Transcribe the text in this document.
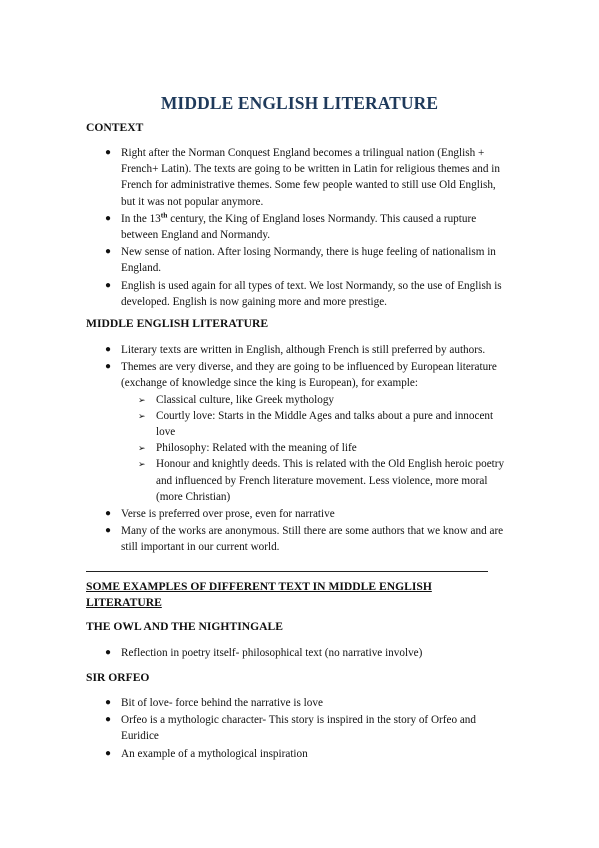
MIDDLE ENGLISH LITERATURE
CONTEXT
● Right after the Norman Conquest England becomes a trilingual nation (English + French+ Latin). The texts are going to be written in Latin for religious themes and in French for administrative themes. Some few people wanted to still use Old English, but it was not popular anymore.
● In the 13th century, the King of England loses Normandy. This caused a rupture between England and Normandy.
● New sense of nation. After losing Normandy, there is huge feeling of nationalism in England.
● English is used again for all types of text. We lost Normandy, so the use of English is developed. English is now gaining more and more prestige.
MIDDLE ENGLISH LITERATURE
● Literary texts are written in English, although French is still preferred by authors.
● Themes are very diverse, and they are going to be influenced by European literature (exchange of knowledge since the king is European), for example:
➢ Classical culture, like Greek mythology
➢ Courtly love: Starts in the Middle Ages and talks about a pure and innocent love
➢ Philosophy: Related with the meaning of life
➢ Honour and knightly deeds. This is related with the Old English heroic poetry and influenced by French literature movement. Less violence, more moral (more Christian)
● Verse is preferred over prose, even for narrative
● Many of the works are anonymous. Still there are some authors that we know and are still important in our current world.
SOME EXAMPLES OF DIFFERENT TEXT IN MIDDLE ENGLISH LITERATURE
THE OWL AND THE NIGHTINGALE
● Reflection in poetry itself- philosophical text (no narrative involve)
SIR ORFEO
● Bit of love- force behind the narrative is love
● Orfeo is a mythologic character- This story is inspired in the story of Orfeo and Euridice
● An example of a mythological inspiration
